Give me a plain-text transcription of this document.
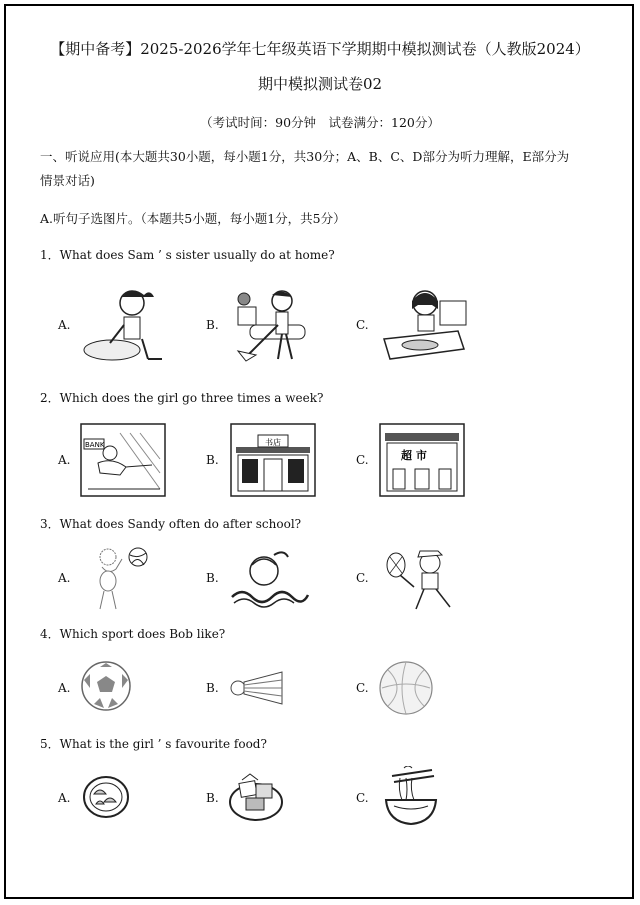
【期中备考】2025-2026学年七年级英语下学期期中模拟测试卷（人教版2024）
期中模拟测试卷02
（考试时间：90分钟　试卷满分：120分）
一、听说应用(本大题共30小题，每小题1分，共30分；A、B、C、D部分为听力理解，E部分为
情景对话)
A.听句子选图片。（本题共5小题，每小题1分，共5分）
1．What does Sam ’ s sister usually do at home?
A.	B.	C.
2．Which does the girl go three times a week?
A.
BANK
B.
书店
C.	超 市
3．What does Sandy often do after school?
A.	B.	C.
4．Which sport does Bob like?
A.	B.	C.
5．What is the girl ’ s favourite food?
A.	B.	C.
